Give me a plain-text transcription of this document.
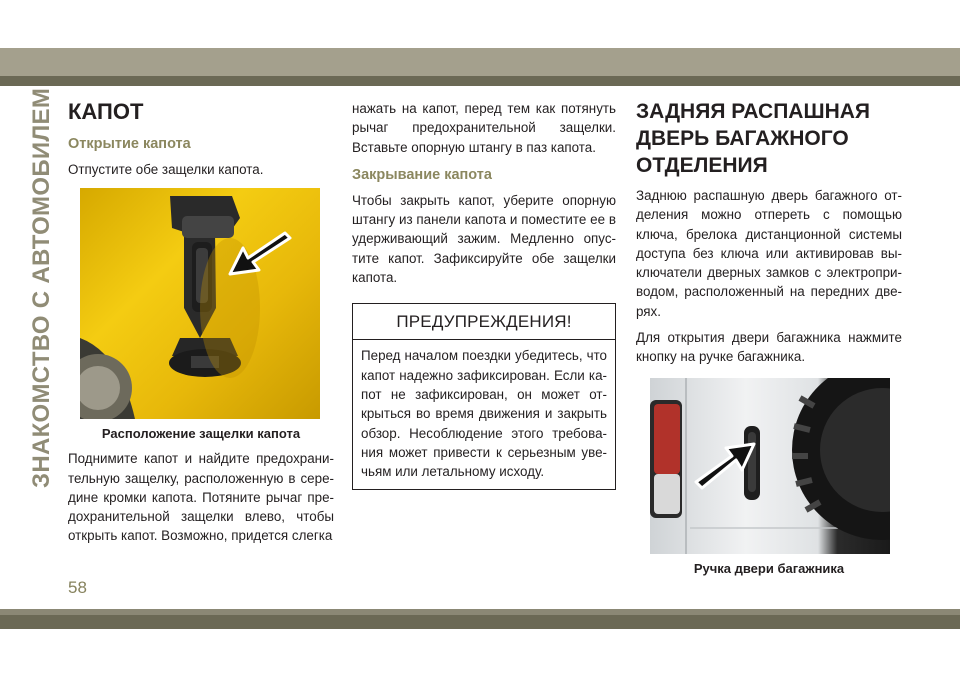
ЗНАКОМСТВО С АВТОМОБИЛЕМ КАПОТ
Открытие капота

Отпустите обе защелки капота.

Расположение защелки капота

Поднимите капот и найдите предохрани-тельную защелку, расположенную в сере-дине кромки капота. Потяните рычаг пре-дохранительной защелки влево, чтобы открыть капот. Возможно, придется слегка

нажать на капот, перед тем как потянуть рычаг предохранительной защелки. Вставьте опорную штангу в паз капота.

Закрывание капота

Чтобы закрыть капот, уберите опорную штангу из панели капота и поместите ее в удерживающий зажим. Медленно опус-тите капот. Зафиксируйте обе защелки капота.

ПРЕДУПРЕЖДЕНИЯ!
Перед началом поездки убедитесь, что капот надежно зафиксирован. Если ка-пот не зафиксирован, он может от-крыться во время движения и закрыть обзор. Несоблюдение этого требова-ния может привести к серьезным уве-чьям или летальному исходу.
ЗАДНЯЯ РАСПАШНАЯ
ДВЕРЬ БАГАЖНОГО
ОТДЕЛЕНИЯ

Заднюю распашную дверь багажного от-деления можно отпереть с помощью ключа, брелока дистанционной системы доступа без ключа или активировав вы-ключатели дверных замков с электропри-водом, расположенный на передних две-рях.

Для открытия двери багажника нажмите кнопку на ручке багажника.

Ручка двери багажника
58
